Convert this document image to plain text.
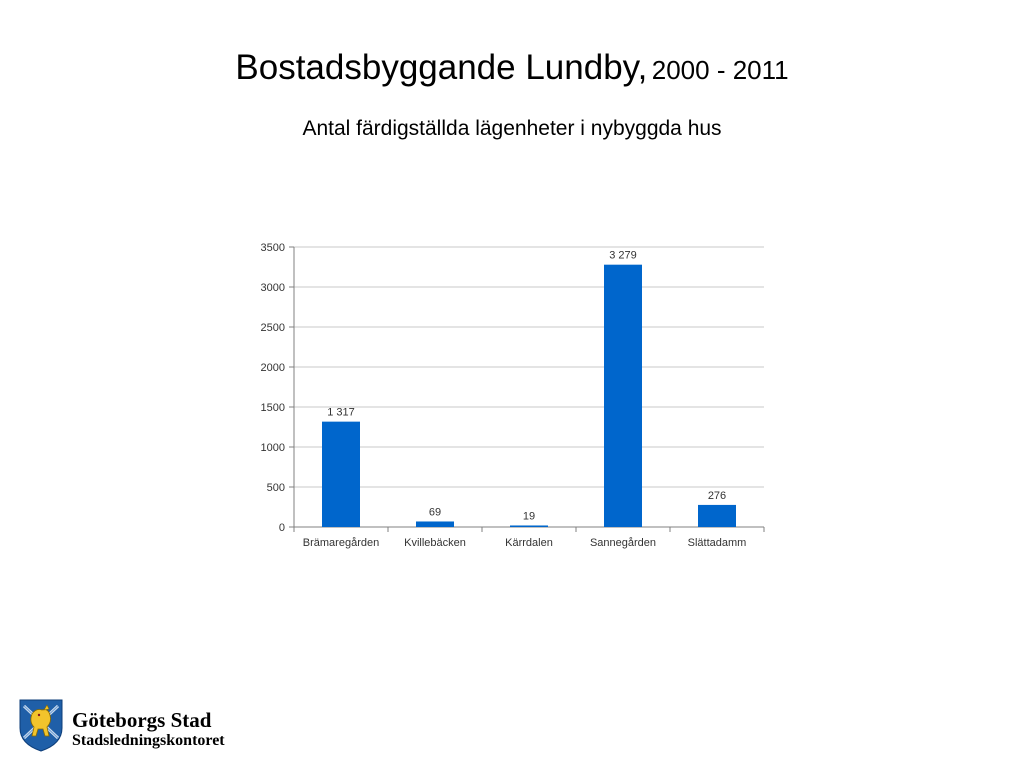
Bostadsbyggande Lundby, 2000 - 2011
Antal färdigställda lägenheter i nybyggda hus
0
500
1000
1500
2000
2500
3000
3500
1 317
Brämaregården
69
Kvillebäcken
19
Kärrdalen
3 279
Sannegården
276
Slättadamm
Göteborgs Stad
Stadsledningskontoret
